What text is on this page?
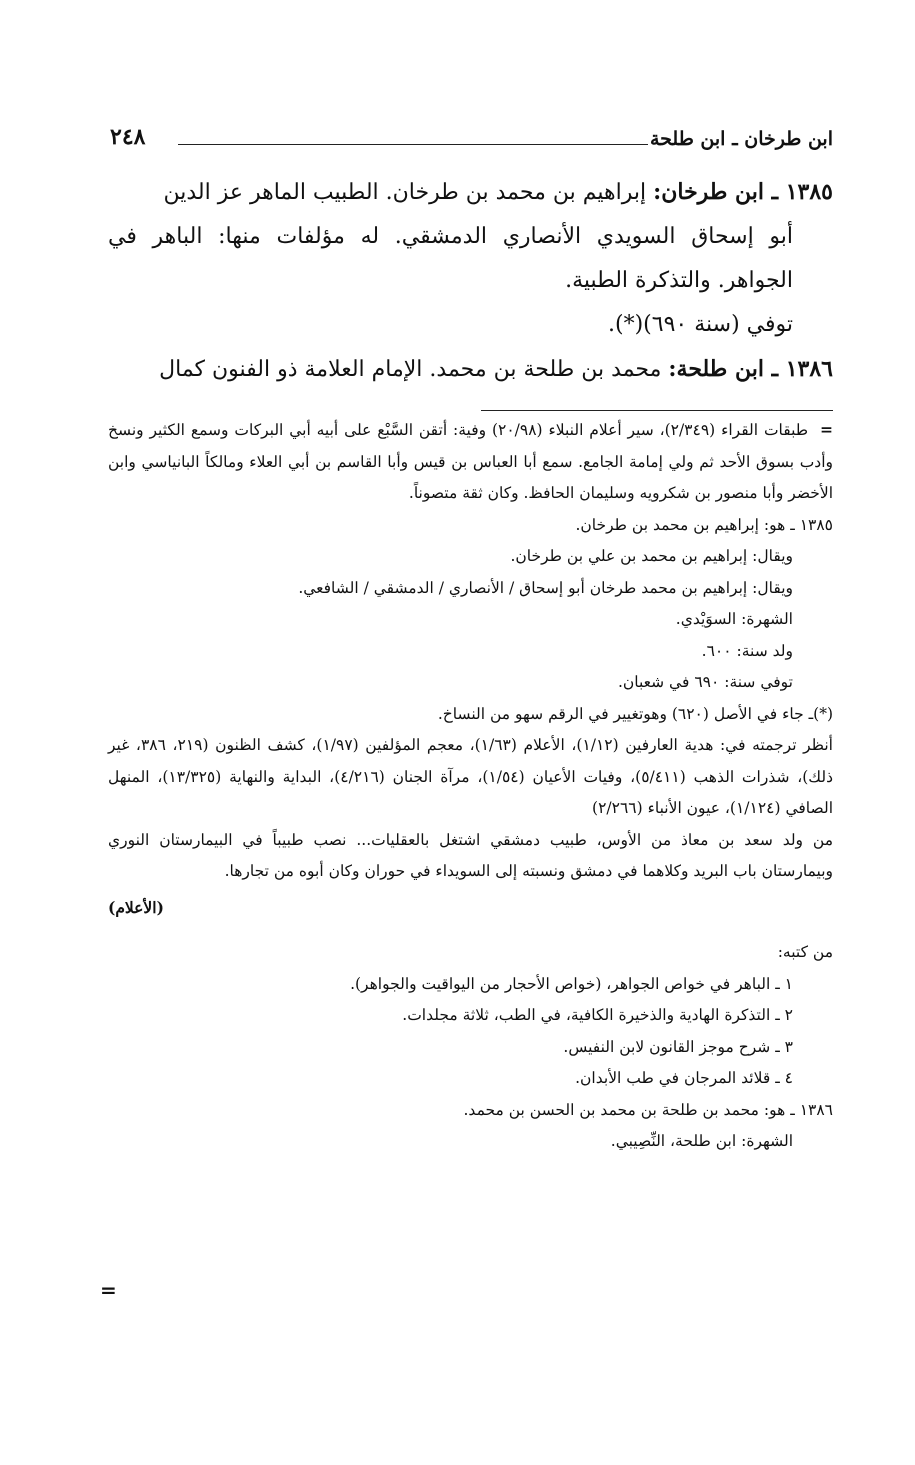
ابن طرخان ـ ابن طلحة
٢٤٨

١٣٨٥ ـ ابن طرخان: إبراهيم بن محمد بن طرخان. الطبيب الماهر عز الدين

أبو إسحاق السويدي الأنصاري الدمشقي. له مؤلفات منها: الباهر في الجواهر. والتذكرة الطبية.

توفي (سنة ٦٩٠)(*).

١٣٨٦ ـ ابن طلحة: محمد بن طلحة بن محمد. الإمام العلامة ذو الفنون كمال

= طبقات القراء (٢/٣٤٩)، سير أعلام النبلاء (٢٠/٩٨) وفية: أتقن السَّبْع على أبيه أبي البركات وسمع الكثير ونسخ وأدب بسوق الأحد ثم ولي إمامة الجامع. سمع أبا العباس بن قيس وأبا القاسم بن أبي العلاء ومالكاً البانياسي وابن الأخضر وأبا منصور بن شكرويه وسليمان الحافظ. وكان ثقة متصوناً.

١٣٨٥ ـ هو: إبراهيم بن محمد بن طرخان.

ويقال: إبراهيم بن محمد بن علي بن طرخان.

ويقال: إبراهيم بن محمد طرخان أبو إسحاق / الأنصاري / الدمشقي / الشافعي.

الشهرة: السوَيْدي.

ولد سنة: ٦٠٠.

توفي سنة: ٦٩٠ في شعبان.

(*)ـ جاء في الأصل (٦٢٠) وهوتغيير في الرقم سهو من النساخ.

أنظر ترجمته في: هدية العارفين (١/١٢)، الأعلام (١/٦٣)، معجم المؤلفين (١/٩٧)، كشف الظنون (٢١٩، ٣٨٦، غير ذلك)، شذرات الذهب (٥/٤١١)، وفيات الأعيان (١/٥٤)، مرآة الجنان (٤/٢١٦)، البداية والنهاية (١٣/٣٢٥)، المنهل الصافي (١/١٢٤)، عيون الأنباء (٢/٢٦٦)

من ولد سعد بن معاذ من الأوس، طبيب دمشقي اشتغل بالعقليات... نصب طبيباً في البيمارستان النوري وبيمارستان باب البريد وكلاهما في دمشق ونسبته إلى السويداء في حوران وكان أبوه من تجارها.

(الأعلام)

من كتبه:

١ ـ الباهر في خواص الجواهر، (خواص الأحجار من اليواقيت والجواهر).

٢ ـ التذكرة الهادية والذخيرة الكافية، في الطب، ثلاثة مجلدات.

٣ ـ شرح موجز القانون لابن النفيس.

٤ ـ قلائد المرجان في طب الأبدان.

١٣٨٦ ـ هو: محمد بن طلحة بن محمد بن الحسن بن محمد.

الشهرة: ابن طلحة، النِّصِيبي.

=
